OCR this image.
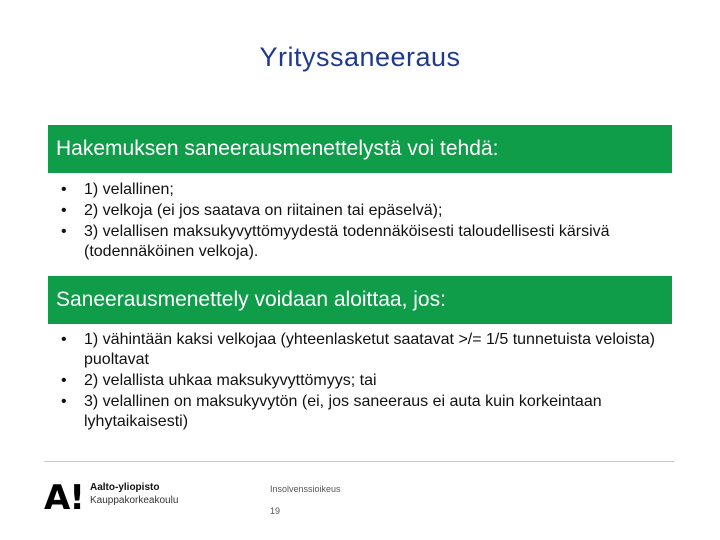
Yrityssaneeraus
Hakemuksen saneerausmenettelystä voi tehdä:
• 1) velallinen;
• 2) velkoja (ei jos saatava on riitainen tai epäselvä);
• 3) velallisen maksukyvyttömyydestä todennäköisesti taloudellisesti kärsivä (todennäköinen velkoja).
Saneerausmenettely voidaan aloittaa, jos:
• 1) vähintään kaksi velkojaa (yhteenlasketut saatavat >/= 1/5 tunnetuista veloista) puoltavat
• 2) velallista uhkaa maksukyvyttömyys; tai
• 3) velallinen on maksukyvytön (ei, jos saneeraus ei auta kuin korkeintaan lyhytaikaisesti)
A! Aalto-yliopisto
Kauppakorkeakoulu
Insolvenssioikeus
19
